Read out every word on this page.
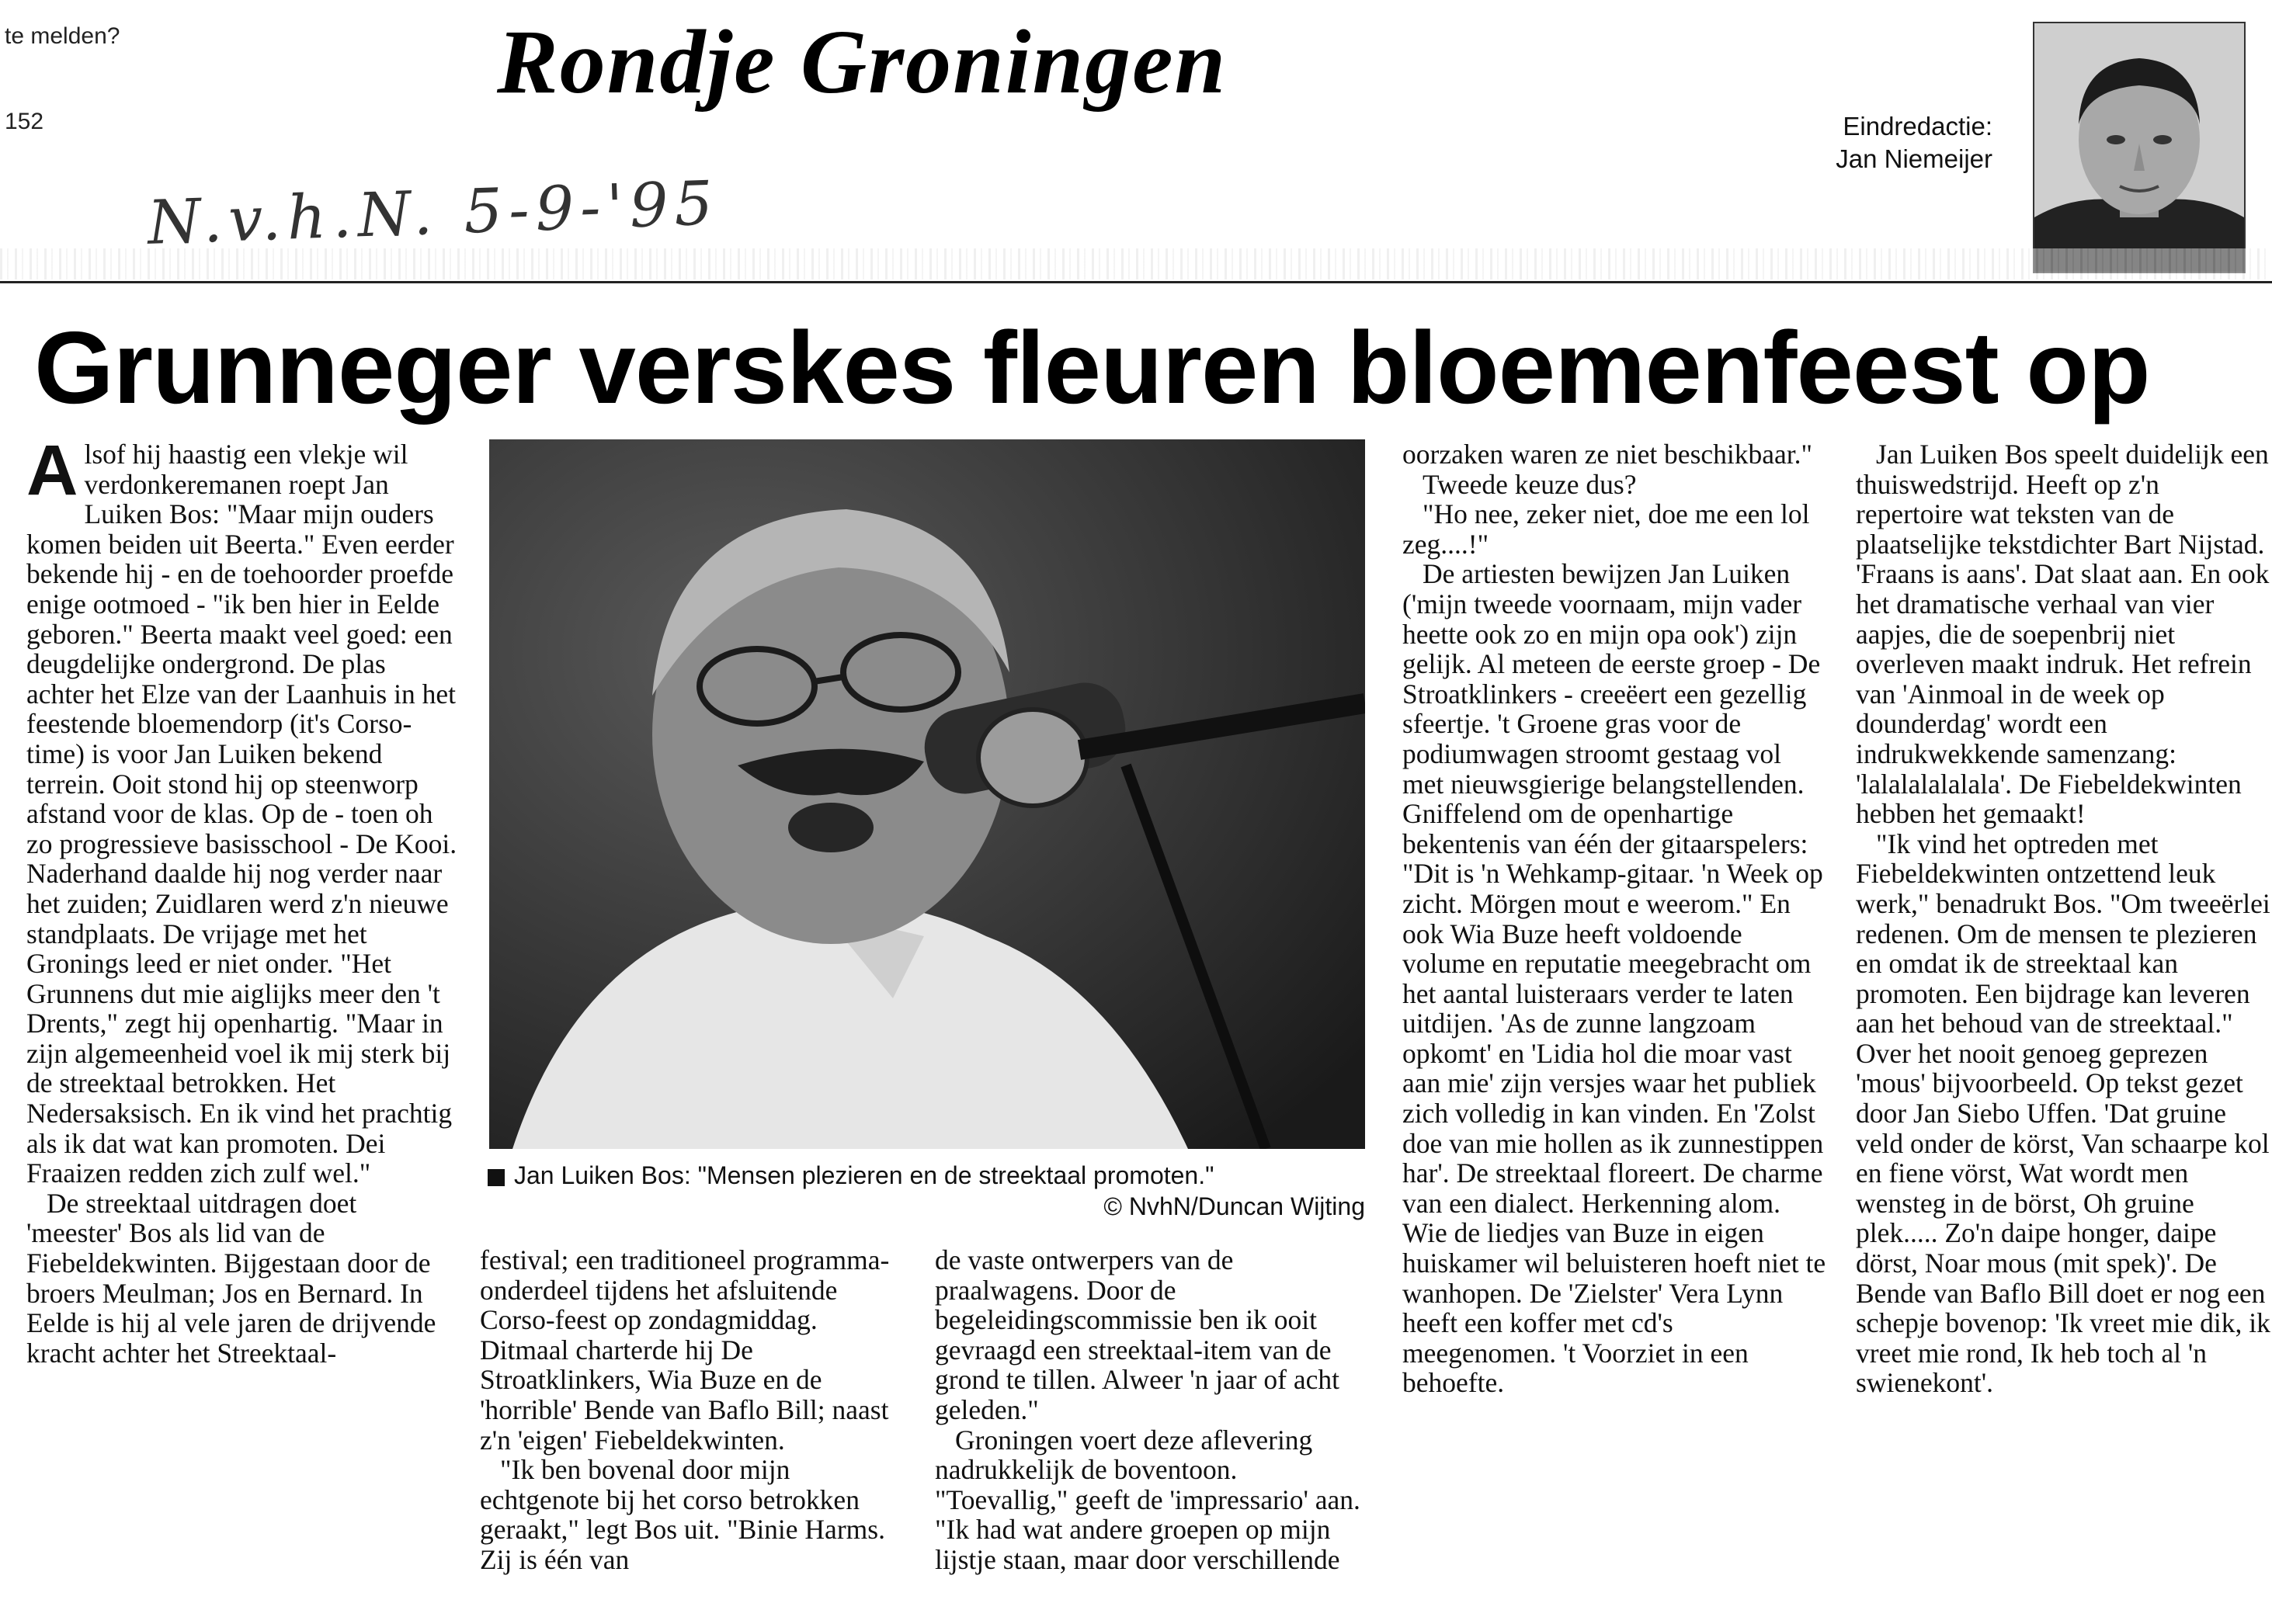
te melden?
152
Rondje Groningen
Eindredactie:
Jan Niemeijer
N.v.h.N. 5-9-'95
Grunneger verskes fleuren bloemenfeest op

Alsof hij haastig een vlekje wil verdonkeremanen roept Jan Luiken Bos: "Maar mijn ouders komen beiden uit Beerta." Even eerder bekende hij - en de toehoorder proefde enige ootmoed - "ik ben hier in Eelde geboren." Beerta maakt veel goed: een deugdelijke ondergrond. De plas achter het Elze van der Laanhuis in het feestende bloemendorp (it's Corso-time) is voor Jan Luiken bekend terrein. Ooit stond hij op steenworp afstand voor de klas. Op de - toen oh zo progressieve basisschool - De Kooi. Naderhand daalde hij nog verder naar het zuiden; Zuidlaren werd z'n nieuwe standplaats. De vrijage met het Gronings leed er niet onder. "Het Grunnens dut mie aiglijks meer den 't Drents," zegt hij openhartig. "Maar in zijn algemeenheid voel ik mij sterk bij de streektaal betrokken. Het Nedersaksisch. En ik vind het prachtig als ik dat wat kan promoten. Dei Fraaizen redden zich zulf wel."

De streektaal uitdragen doet 'meester' Bos als lid van de Fiebeldekwinten. Bijgestaan door de broers Meulman; Jos en Bernard. In Eelde is hij al vele jaren de drijvende kracht achter het Streektaal-

Jan Luiken Bos: "Mensen plezieren en de streektaal promoten."
© NvhN/Duncan Wijting

festival; een traditioneel programma-onderdeel tijdens het afsluitende Corso-feest op zondagmiddag. Ditmaal charterde hij De Stroatklinkers, Wia Buze en de 'horrible' Bende van Baflo Bill; naast z'n 'eigen' Fiebeldekwinten.

"Ik ben bovenal door mijn echtgenote bij het corso betrokken geraakt," legt Bos uit. "Binie Harms. Zij is één van

de vaste ontwerpers van de praalwagens. Door de begeleidingscommissie ben ik ooit gevraagd een streektaal-item van de grond te tillen. Alweer 'n jaar of acht geleden."

Groningen voert deze aflevering nadrukkelijk de boventoon. "Toevallig," geeft de 'impressario' aan. "Ik had wat andere groepen op mijn lijstje staan, maar door verschillende

oorzaken waren ze niet beschikbaar."

Tweede keuze dus?

"Ho nee, zeker niet, doe me een lol zeg....!"

De artiesten bewijzen Jan Luiken ('mijn tweede voornaam, mijn vader heette ook zo en mijn opa ook') zijn gelijk. Al meteen de eerste groep - De Stroatklinkers - creeëert een gezellig sfeertje. 't Groene gras voor de podiumwagen stroomt gestaag vol met nieuwsgierige belangstellenden. Gniffelend om de openhartige bekentenis van één der gitaarspelers: "Dit is 'n Wehkamp-gitaar. 'n Week op zicht. Mörgen mout e weerom." En ook Wia Buze heeft voldoende volume en reputatie meegebracht om het aantal luisteraars verder te laten uitdijen. 'As de zunne langzoam opkomt' en 'Lidia hol die moar vast aan mie' zijn versjes waar het publiek zich volledig in kan vinden. En 'Zolst doe van mie hollen as ik zunnestippen har'. De streektaal floreert. De charme van een dialect. Herkenning alom. Wie de liedjes van Buze in eigen huiskamer wil beluisteren hoeft niet te wanhopen. De 'Zielster' Vera Lynn heeft een koffer met cd's meegenomen. 't Voorziet in een behoefte.

Jan Luiken Bos speelt duidelijk een thuiswedstrijd. Heeft op z'n repertoire wat teksten van de plaatselijke tekstdichter Bart Nijstad. 'Fraans is aans'. Dat slaat aan. En ook het dramatische verhaal van vier aapjes, die de soepenbrij niet overleven maakt indruk. Het refrein van 'Ainmoal in de week op dounderdag' wordt een indrukwekkende samenzang: 'lalalalalalala'. De Fiebeldekwinten hebben het gemaakt!

"Ik vind het optreden met Fiebeldekwinten ontzettend leuk werk," benadrukt Bos. "Om tweeërlei redenen. Om de mensen te plezieren en omdat ik de streektaal kan promoten. Een bijdrage kan leveren aan het behoud van de streektaal." Over het nooit genoeg geprezen 'mous' bijvoorbeeld. Op tekst gezet door Jan Siebo Uffen. 'Dat gruine veld onder de körst, Van schaarpe kol en fiene vörst, Wat wordt men wensteg in de börst, Oh gruine plek..... Zo'n daipe honger, daipe dörst, Noar mous (mit spek)'. De Bende van Baflo Bill doet er nog een schepje bovenop: 'Ik vreet mie dik, ik vreet mie rond, Ik heb toch al 'n swienekont'.
